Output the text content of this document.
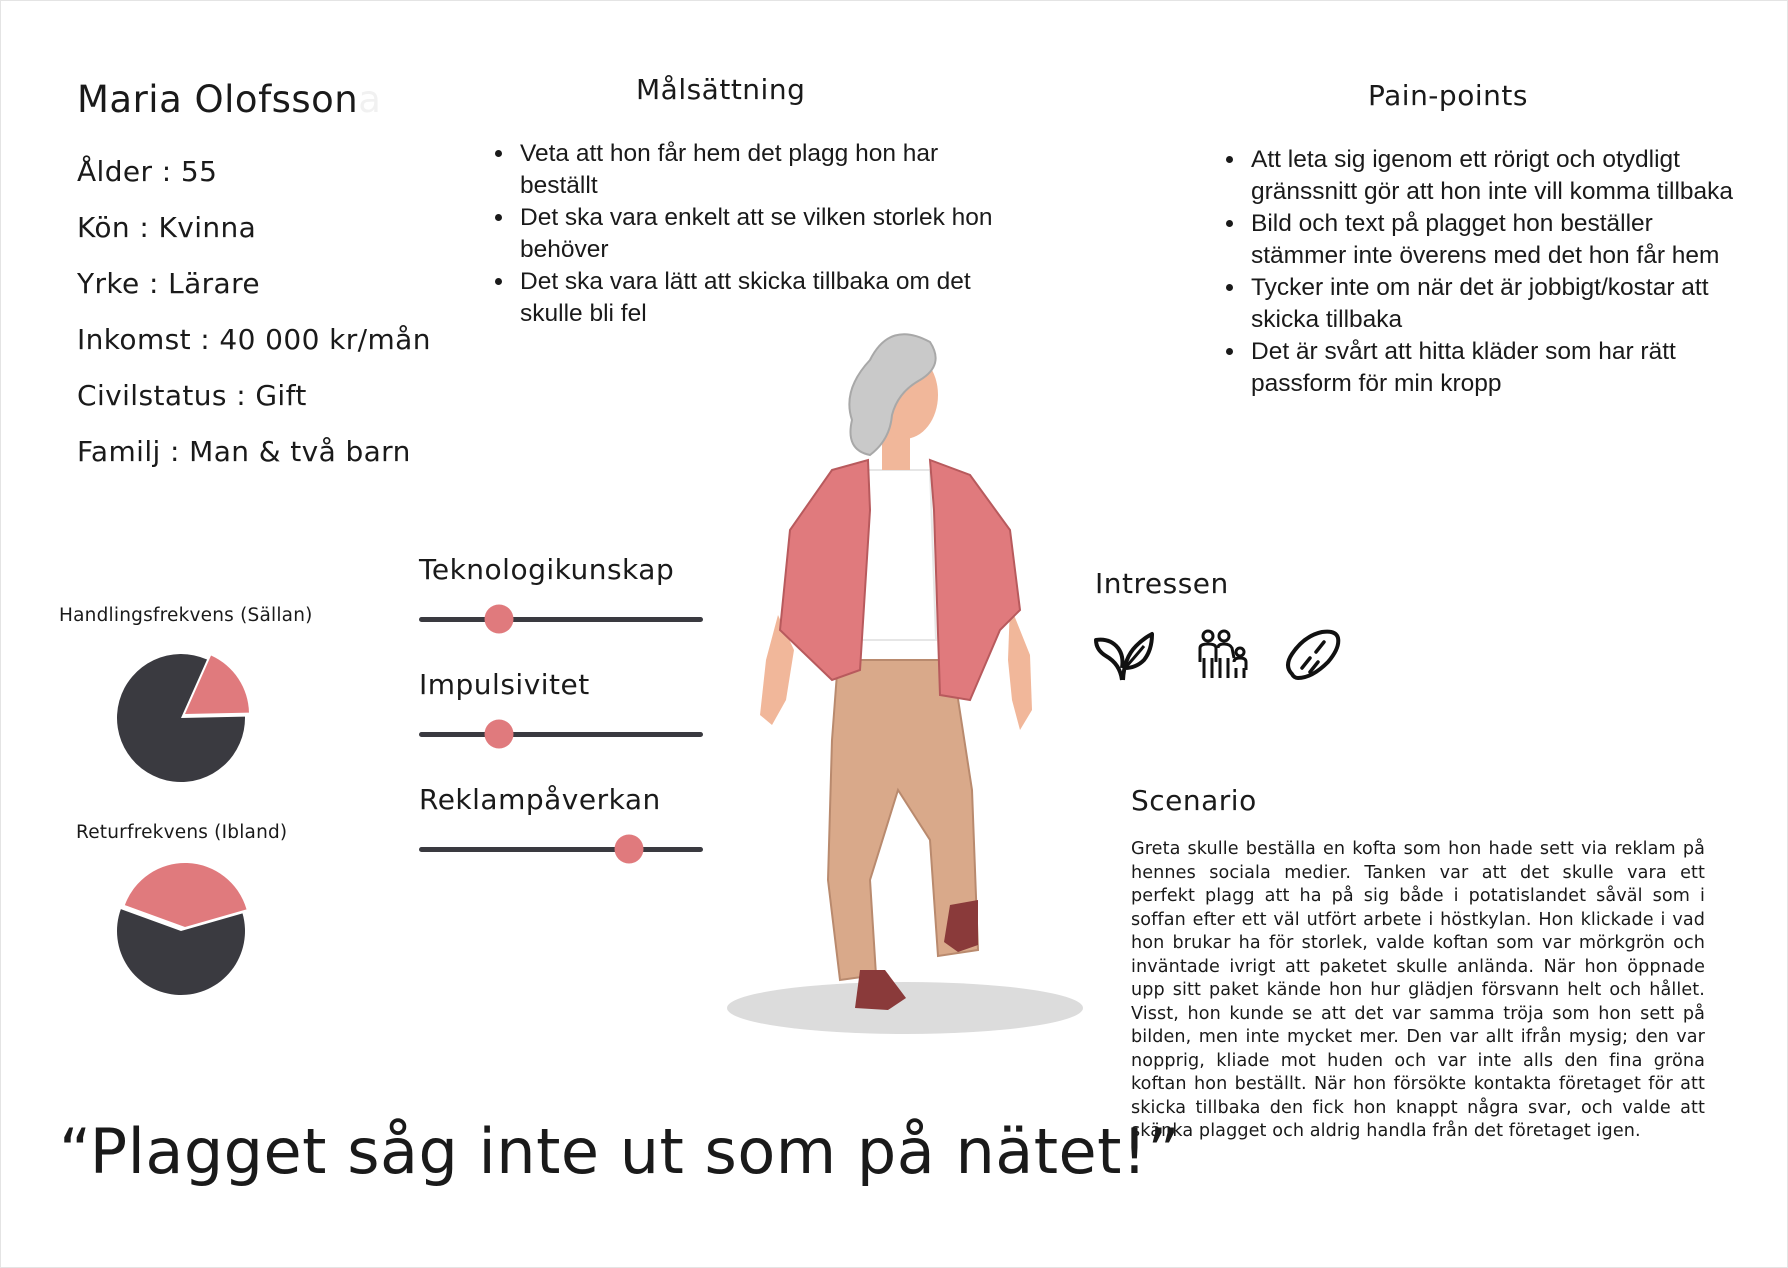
Maria Olofssona
Ålder : 55
Kön : Kvinna
Yrke : Lärare
Inkomst : 40 000 kr/mån
Civilstatus : Gift
Familj : Man & två barn
Målsättning
• Veta att hon får hem det plagg hon har beställt
• Det ska vara enkelt att se vilken storlek hon behöver
• Det ska vara lätt att skicka tillbaka om det skulle bli fel
Pain-points
• Att leta sig igenom ett rörigt och otydligt gränssnitt gör att hon inte vill komma tillbaka
• Bild och text på plagget hon beställer stämmer inte överens med det hon får hem
• Tycker inte om när det är jobbigt/kostar att skicka tillbaka
• Det är svårt att hitta kläder som har rätt passform för min kropp
Handlingsfrekvens (Sällan)
Returfrekvens (Ibland)
Teknologikunskap
Impulsivitet
Reklampåverkan
Intressen
Scenario
Greta skulle beställa en kofta som hon hade sett via reklam på hennes sociala medier. Tanken var att det skulle vara ett perfekt plagg att ha på sig både i potatislandet såväl som i soffan efter ett väl utfört arbete i höstkylan. Hon klickade i vad hon brukar ha för storlek, valde koftan som var mörkgrön och inväntade ivrigt att paketet skulle anlända. När hon öppnade upp sitt paket kände hon hur glädjen försvann helt och hållet. Visst, hon kunde se att det var samma tröja som hon sett på bilden, men inte mycket mer. Den var allt ifrån mysig; den var nopprig, kliade mot huden och var inte alls den fina gröna koftan hon beställt. När hon försökte kontakta företaget för att skicka tillbaka den fick hon knappt några svar, och valde att skänka plagget och aldrig handla från det företaget igen.
“Plagget såg inte ut som på nätet!”
